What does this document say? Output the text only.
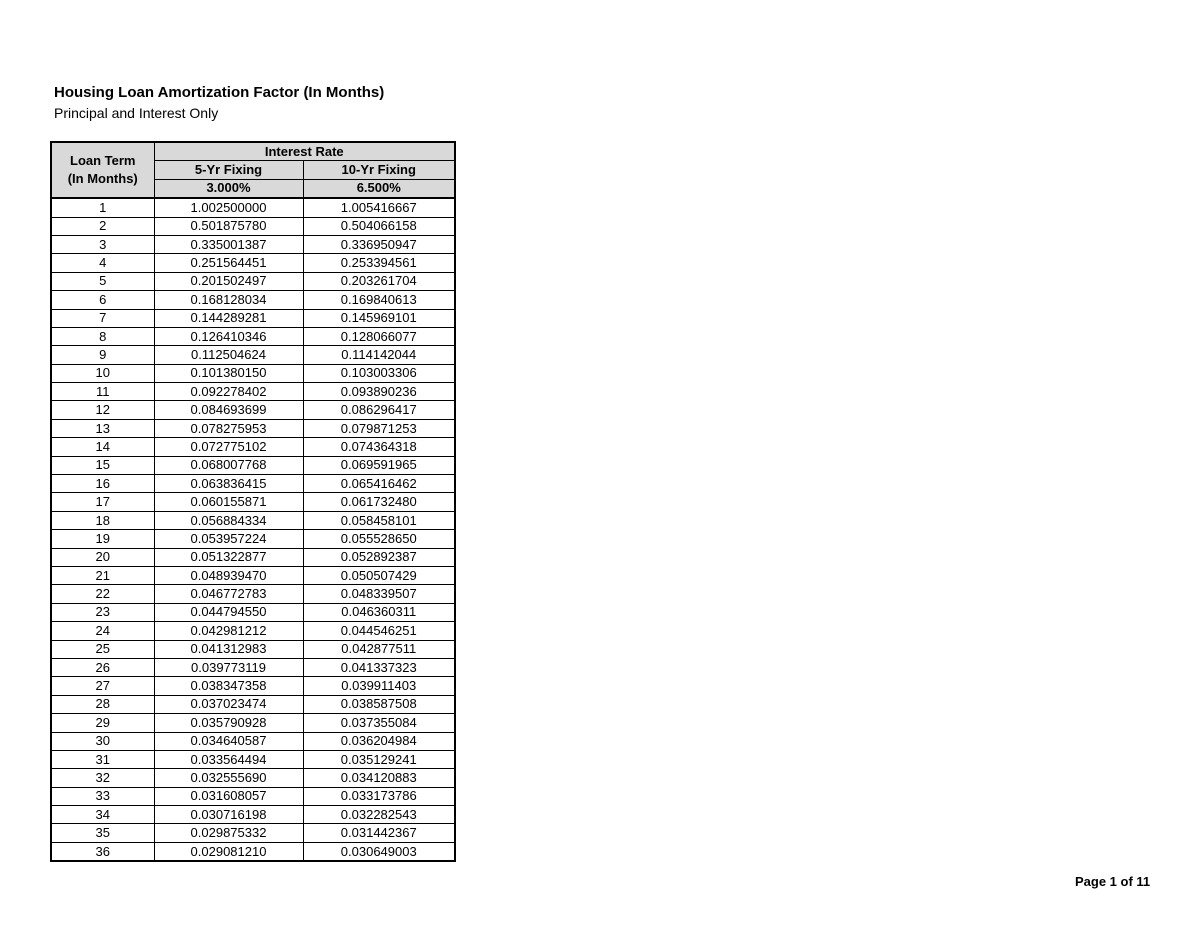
Housing Loan Amortization Factor (In Months)
Principal and Interest Only
Loan Term
(In Months)	Interest Rate	
	5-Yr Fixing	10-Yr Fixing
	3.000%	6.500%
1	1.002500000	1.005416667
2	0.501875780	0.504066158
3	0.335001387	0.336950947
4	0.251564451	0.253394561
5	0.201502497	0.203261704
6	0.168128034	0.169840613
7	0.144289281	0.145969101
8	0.126410346	0.128066077
9	0.112504624	0.114142044
10	0.101380150	0.103003306
11	0.092278402	0.093890236
12	0.084693699	0.086296417
13	0.078275953	0.079871253
14	0.072775102	0.074364318
15	0.068007768	0.069591965
16	0.063836415	0.065416462
17	0.060155871	0.061732480
18	0.056884334	0.058458101
19	0.053957224	0.055528650
20	0.051322877	0.052892387
21	0.048939470	0.050507429
22	0.046772783	0.048339507
23	0.044794550	0.046360311
24	0.042981212	0.044546251
25	0.041312983	0.042877511
26	0.039773119	0.041337323
27	0.038347358	0.039911403
28	0.037023474	0.038587508
29	0.035790928	0.037355084
30	0.034640587	0.036204984
31	0.033564494	0.035129241
32	0.032555690	0.034120883
33	0.031608057	0.033173786
34	0.030716198	0.032282543
35	0.029875332	0.031442367
36	0.029081210	0.030649003
Page 1 of 11
